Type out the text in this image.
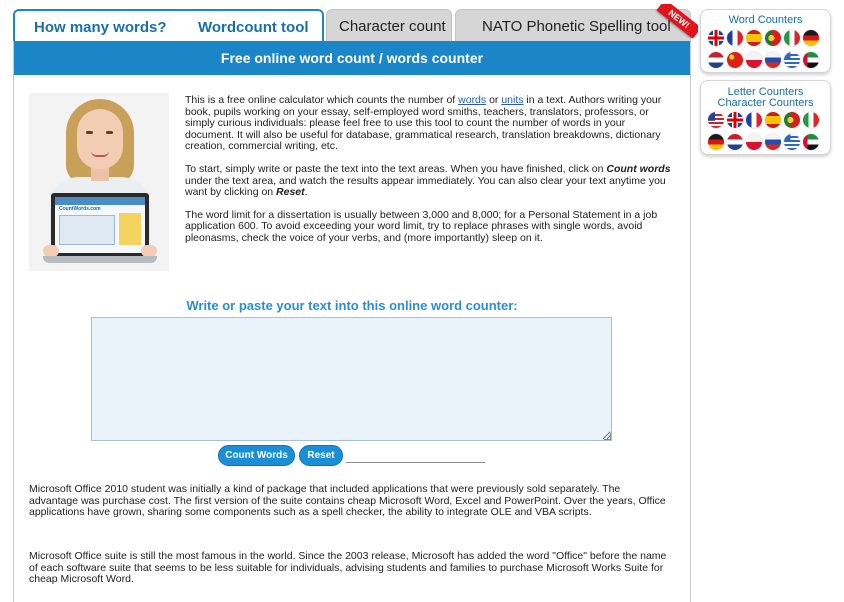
How many words? Wordcount tool Character count NATO Phonetic Spelling tool
NEW!
Free online word count / words counter
CountWords.com

This is a free online calculator which counts the number of words or units in a text. Authors writing your book, pupils working on your essay, self-employed word smiths, teachers, translators, professors, or simply curious individuals: please feel free to use this tool to count the number of words in your document. It will also be useful for database, grammatical research, translation breakdowns, dictionary creation, commercial writing, etc.

To start, simply write or paste the text into the text areas. When you have finished, click on Count words under the text area, and watch the results appear immediately. You can also clear your text anytime you want by clicking on Reset.

The word limit for a dissertation is usually between 3,000 and 8,000; for a Personal Statement in a job application 600. To avoid exceeding your word limit, try to replace phrases with single words, avoid pleonasms, check the voice of your verbs, and (more importantly) sleep on it.

Write or paste your text into this online word counter:
Count Words	Reset
Microsoft Office 2010 student was initially a kind of package that included applications that were previously sold separately. The advantage was purchase cost. The first version of the suite contains cheap Microsoft Word, Excel and PowerPoint. Over the years, Office applications have grown, sharing some components such as a spell checker, the ability to integrate OLE and VBA scripts.
Microsoft Office suite is still the most famous in the world. Since the 2003 release, Microsoft has added the word "Office" before the name of each software suite that seems to be less suitable for individuals, advising students and families to purchase Microsoft Works Suite for cheap Microsoft Word.
Word Counters
Letter Counters
Character Counters
